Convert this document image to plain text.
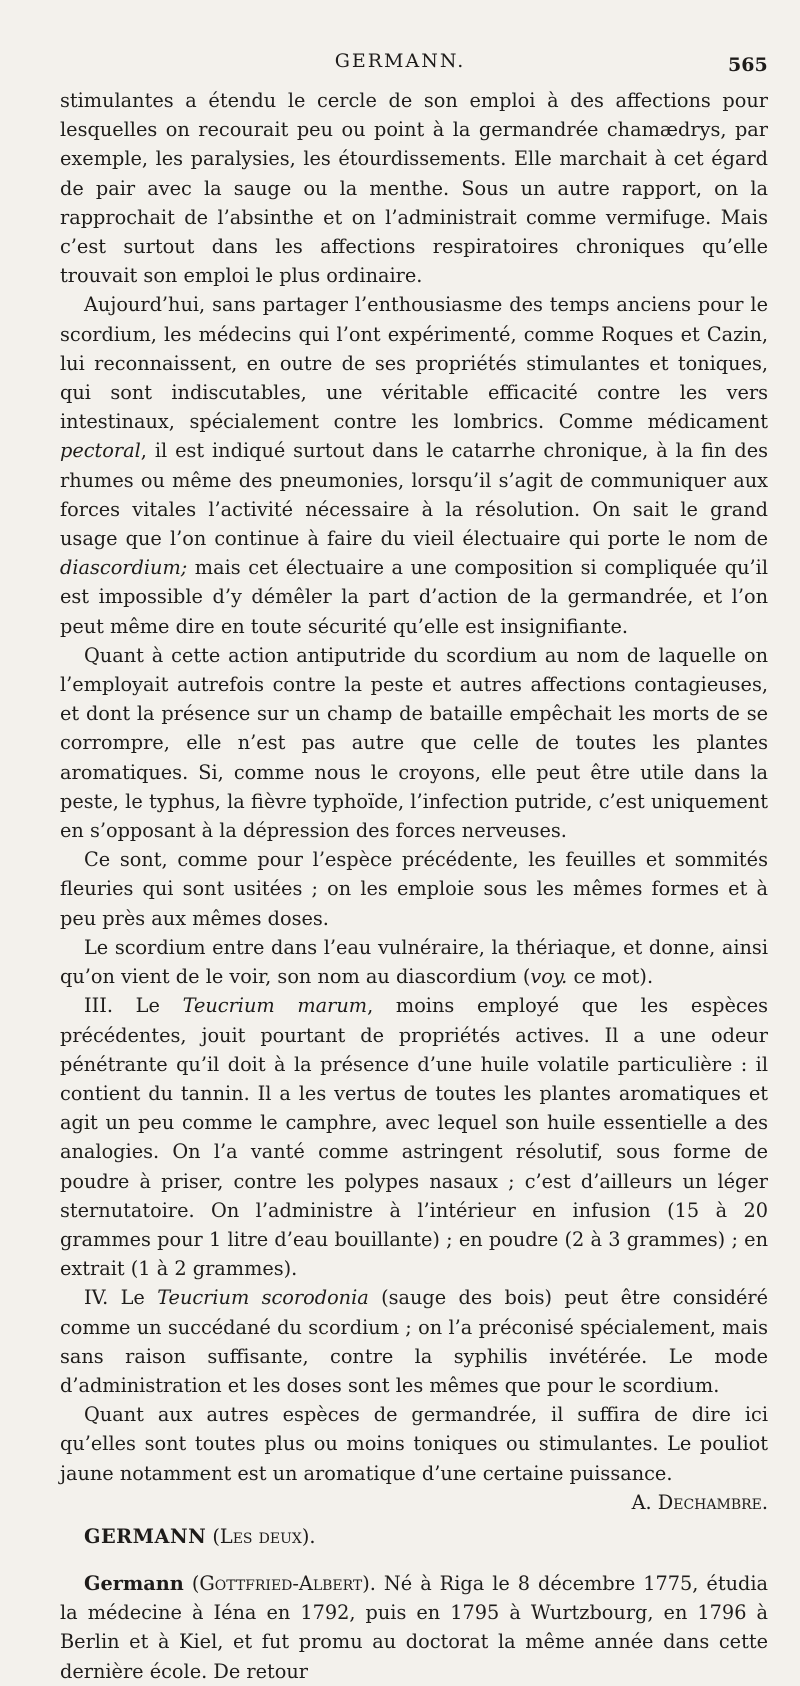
GERMANN.	565

stimulantes a étendu le cercle de son emploi à des affections pour lesquelles on recourait peu ou point à la germandrée chamædrys, par exemple, les paralysies, les étourdissements. Elle marchait à cet égard de pair avec la sauge ou la menthe. Sous un autre rapport, on la rapprochait de l’absinthe et on l’administrait comme vermifuge. Mais c’est surtout dans les affections respiratoires chroniques qu’elle trouvait son emploi le plus ordinaire.

Aujourd’hui, sans partager l’enthousiasme des temps anciens pour le scordium, les médecins qui l’ont expérimenté, comme Roques et Cazin, lui reconnaissent, en outre de ses propriétés stimulantes et toniques, qui sont indiscutables, une véritable efficacité contre les vers intestinaux, spécialement contre les lombrics. Comme médicament pectoral, il est indiqué surtout dans le catarrhe chronique, à la fin des rhumes ou même des pneumonies, lorsqu’il s’agit de communiquer aux forces vitales l’activité nécessaire à la résolution. On sait le grand usage que l’on continue à faire du vieil électuaire qui porte le nom de diascordium; mais cet électuaire a une composition si compliquée qu’il est impossible d’y démêler la part d’action de la germandrée, et l’on peut même dire en toute sécurité qu’elle est insignifiante.

Quant à cette action antiputride du scordium au nom de laquelle on l’employait autrefois contre la peste et autres affections contagieuses, et dont la présence sur un champ de bataille empêchait les morts de se corrompre, elle n’est pas autre que celle de toutes les plantes aromatiques. Si, comme nous le croyons, elle peut être utile dans la peste, le typhus, la fièvre typhoïde, l’infection putride, c’est uniquement en s’opposant à la dépression des forces nerveuses.

Ce sont, comme pour l’espèce précédente, les feuilles et sommités fleuries qui sont usitées ; on les emploie sous les mêmes formes et à peu près aux mêmes doses.

Le scordium entre dans l’eau vulnéraire, la thériaque, et donne, ainsi qu’on vient de le voir, son nom au diascordium (voy. ce mot).

III. Le Teucrium marum, moins employé que les espèces précédentes, jouit pourtant de propriétés actives. Il a une odeur pénétrante qu’il doit à la présence d’une huile volatile particulière : il contient du tannin. Il a les vertus de toutes les plantes aromatiques et agit un peu comme le camphre, avec lequel son huile essentielle a des analogies. On l’a vanté comme astringent résolutif, sous forme de poudre à priser, contre les polypes nasaux ; c’est d’ailleurs un léger sternutatoire. On l’administre à l’intérieur en infusion (15 à 20 grammes pour 1 litre d’eau bouillante) ; en poudre (2 à 3 grammes) ; en extrait (1 à 2 grammes).

IV. Le Teucrium scorodonia (sauge des bois) peut être considéré comme un succédané du scordium ; on l’a préconisé spécialement, mais sans raison suffisante, contre la syphilis invétérée. Le mode d’administration et les doses sont les mêmes que pour le scordium.

Quant aux autres espèces de germandrée, il suffira de dire ici qu’elles sont toutes plus ou moins toniques ou stimulantes. Le pouliot jaune notamment est un aromatique d’une certaine puissance.
A. Dechambre.

GERMANN (Les deux).

Germann (Gottfried-Albert). Né à Riga le 8 décembre 1775, étudia la médecine à Iéna en 1792, puis en 1795 à Wurtzbourg, en 1796 à Berlin et à Kiel, et fut promu au doctorat la même année dans cette dernière école. De retour
